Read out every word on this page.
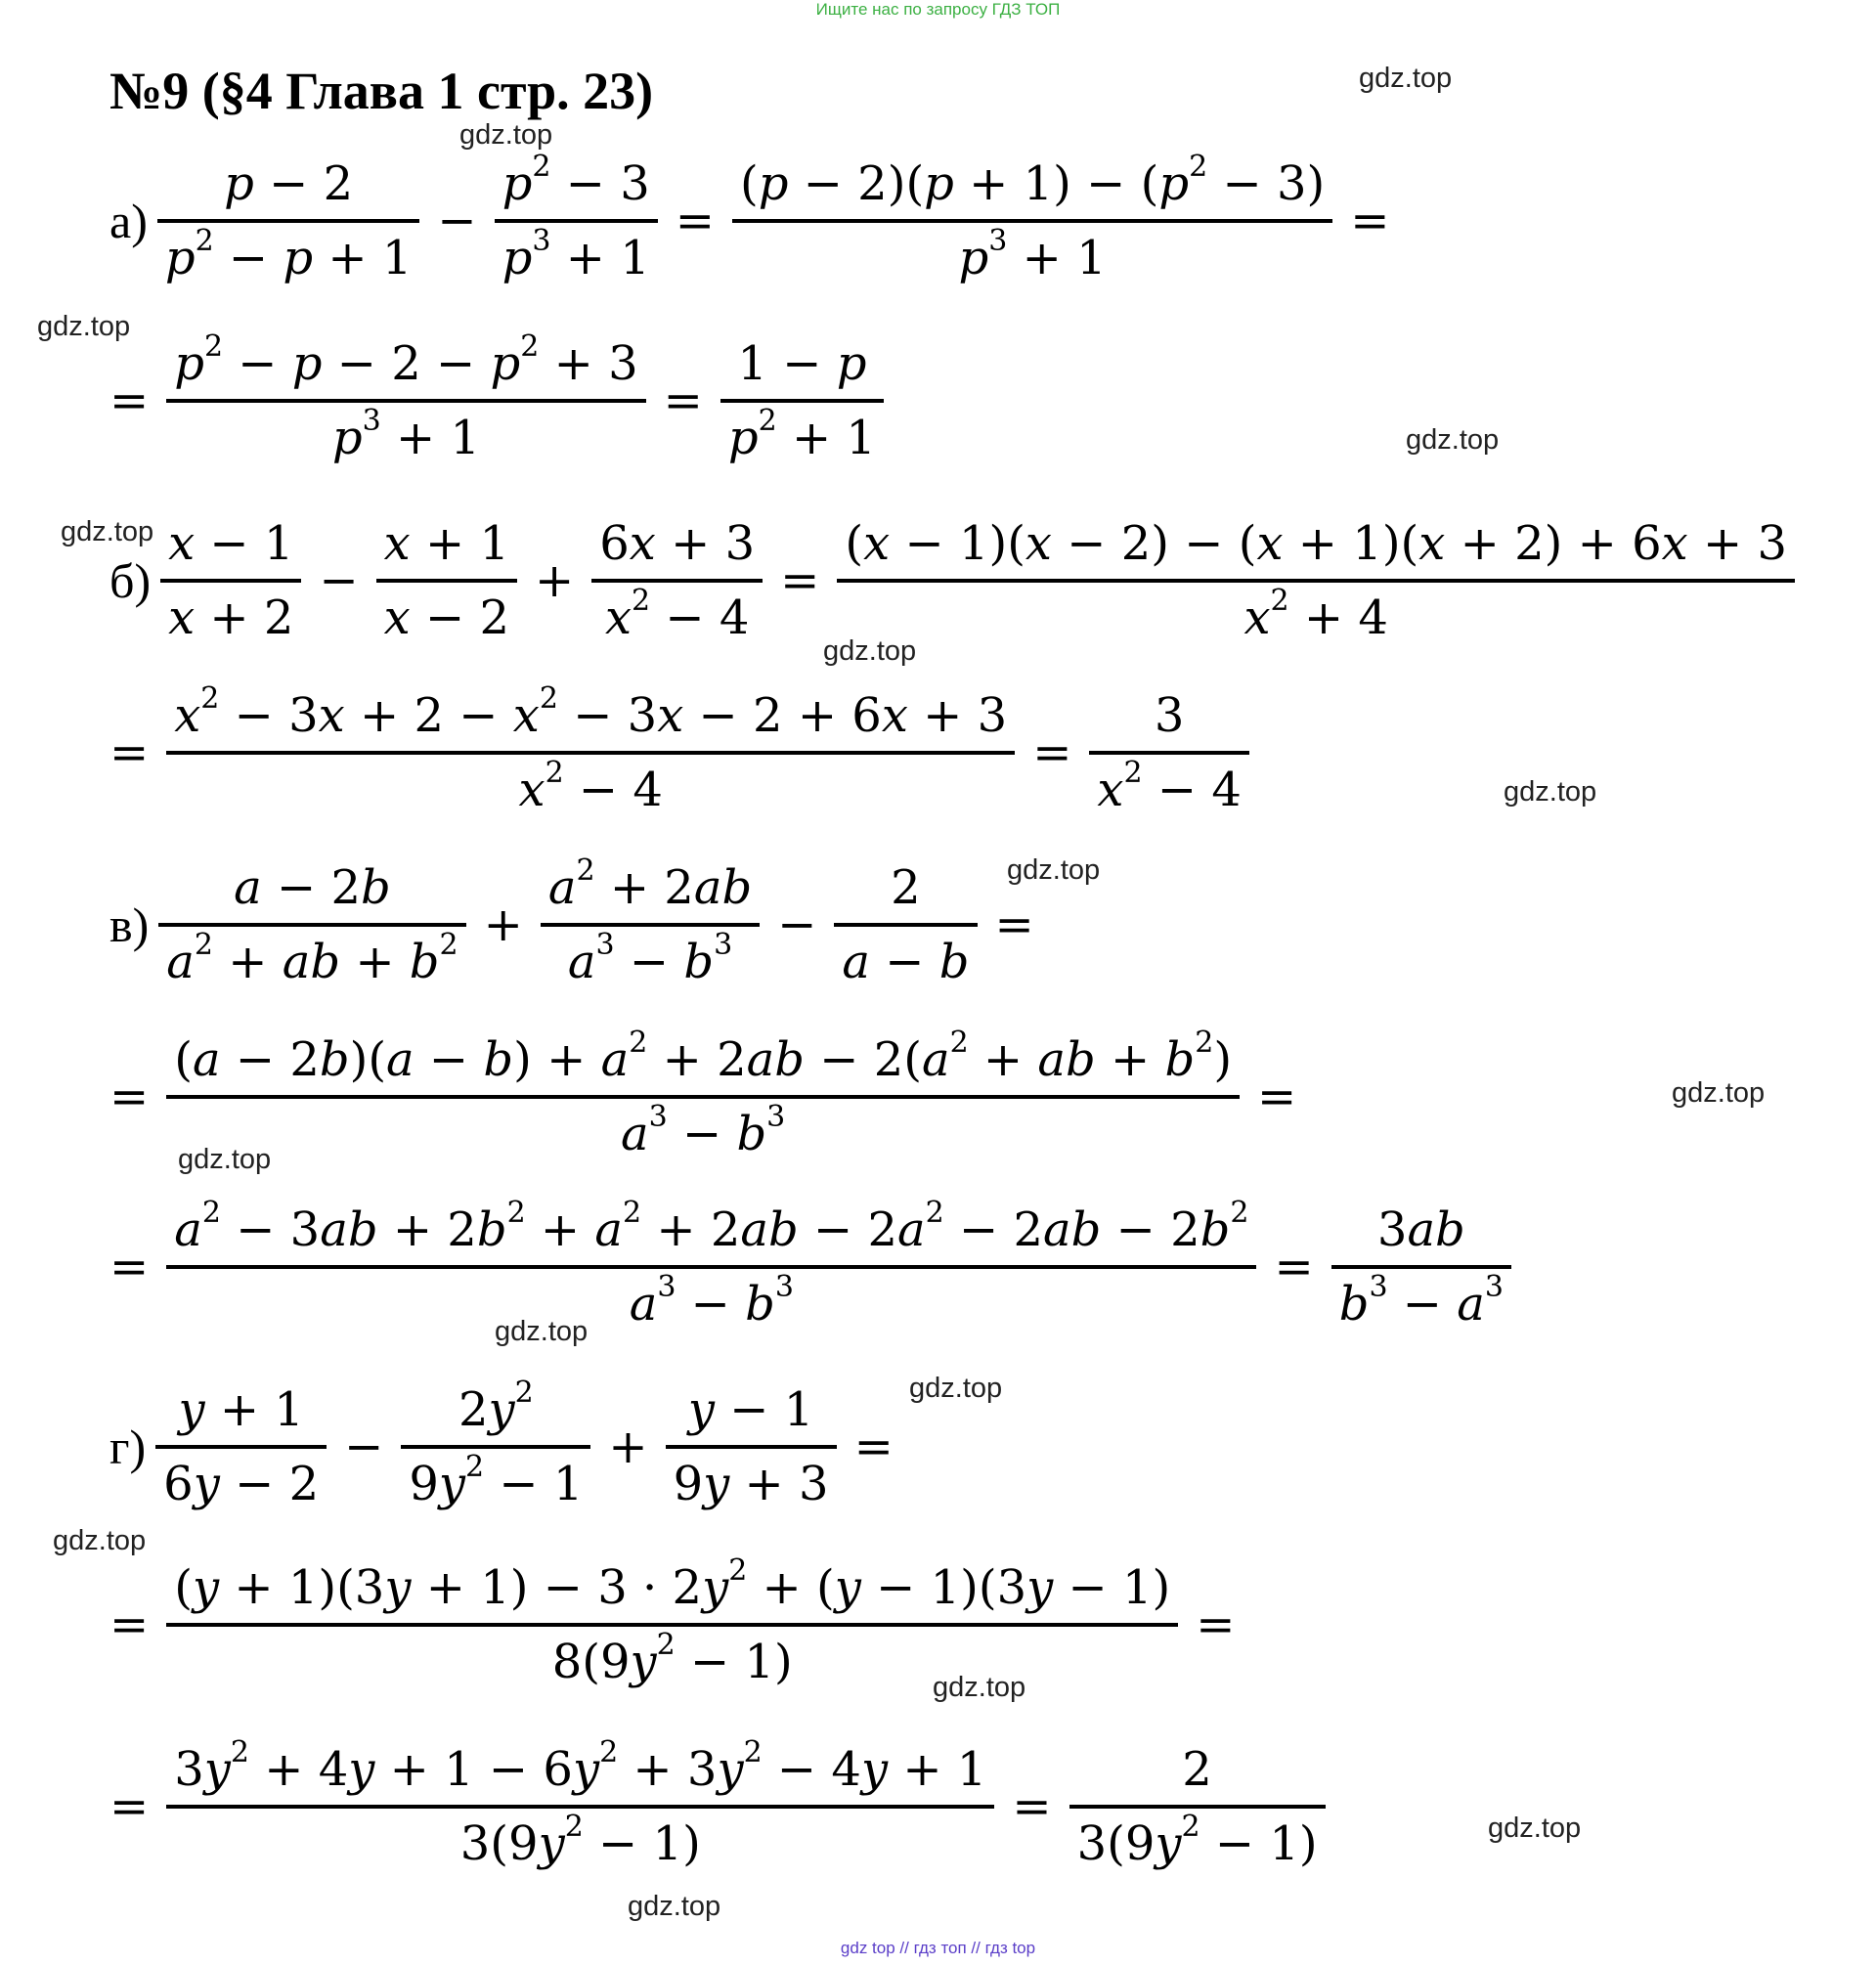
Ищите нас по запросу ГДЗ ТОП
№9 (§4 Глава 1 стр. 23)	gdz.top
gdz.top
gdz.top
gdz.top
gdz.top
gdz.top
gdz.top
gdz.top
gdz.top
gdz.top
gdz.top
gdz.top
gdz.top
gdz.top
gdz.top
gdz.top
$а) \frac{p - 2}{p^2 - p + 1} - \frac{p^2 - 3}{p^3 + 1} = \frac{(p - 2)(p + 1) - (p^2 - 3)}{p^3 + 1}$ =
= $\frac{p^2 - p - 2 - p^2 + 3}{p^3 + 1} = \frac{1 - p}{p^2 + 1}$
$б) \frac{x - 1}{x + 2} - \frac{x + 1}{x - 2} + \frac{6x + 3}{x^2 - 4} = \frac{(x - 1)(x - 2) - (x + 1)(x + 2) + 6x + 3}{x^2 + 4}$
= $\frac{x^2 - 3x + 2 - x^2 - 3x - 2 + 6x + 3}{x^2 - 4} = \frac{3}{x^2 - 4}$
$в) \frac{a - 2b}{a^2 + ab + b^2} + \frac{a^2 + 2ab}{a^3 - b^3} - \frac{2}{a - b}$ =
= $\frac{(a - 2b)(a - b) + a^2 + 2ab - 2(a^2 + ab + b^2)}{a^3 - b^3}$ =
= $\frac{a^2 - 3ab + 2b^2 + a^2 + 2ab - 2a^2 - 2ab - 2b^2}{a^3 - b^3} = \frac{3ab}{b^3 - a^3}$
$г) \frac{y + 1}{6y - 2} - \frac{2y^2}{9y^2 - 1} + \frac{y - 1}{9y + 3}$ =
= $\frac{(y + 1)(3y + 1) - 3 \cdot 2y^2 + (y - 1)(3y - 1)}{8(9y^2 - 1)}$ =
= $\frac{3y^2 + 4y + 1 - 6y^2 + 3y^2 - 4y + 1}{3(9y^2 - 1)} = \frac{2}{3(9y^2 - 1)}$
gdz top // гдз топ // гдз top
